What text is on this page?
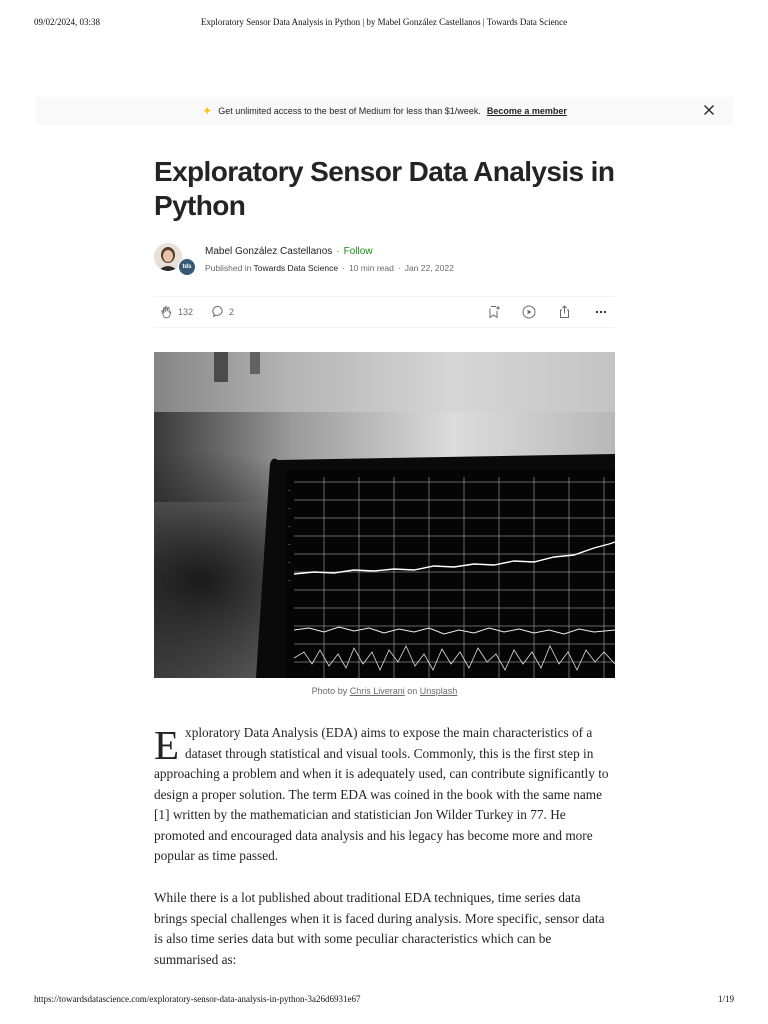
09/02/2024, 03:38	Exploratory Sensor Data Analysis in Python | by Mabel González Castellanos | Towards Data Science
✦ Get unlimited access to the best of Medium for less than $1/week. Become a member
Exploratory Sensor Data Analysis in Python
tds
Mabel González Castellanos · Follow
Published in Towards Data Science · 10 min read · Jan 22, 2022
132	2
—
—
—
—
—
—
Photo by Chris Liverani on Unsplash

Exploratory Data Analysis (EDA) aims to expose the main characteristics of a dataset through statistical and visual tools. Commonly, this is the first step in approaching a problem and when it is adequately used, can contribute significantly to design a proper solution. The term EDA was coined in the book with the same name [1] written by the mathematician and statistician Jon Wilder Turkey in 77. He promoted and encouraged data analysis and his legacy has become more and more popular as time passed.

While there is a lot published about traditional EDA techniques, time series data brings special challenges when it is faced during analysis. More specific, sensor data is also time series data but with some peculiar characteristics which can be summarised as:

https://towardsdatascience.com/exploratory-sensor-data-analysis-in-python-3a26d6931e67	1/19
